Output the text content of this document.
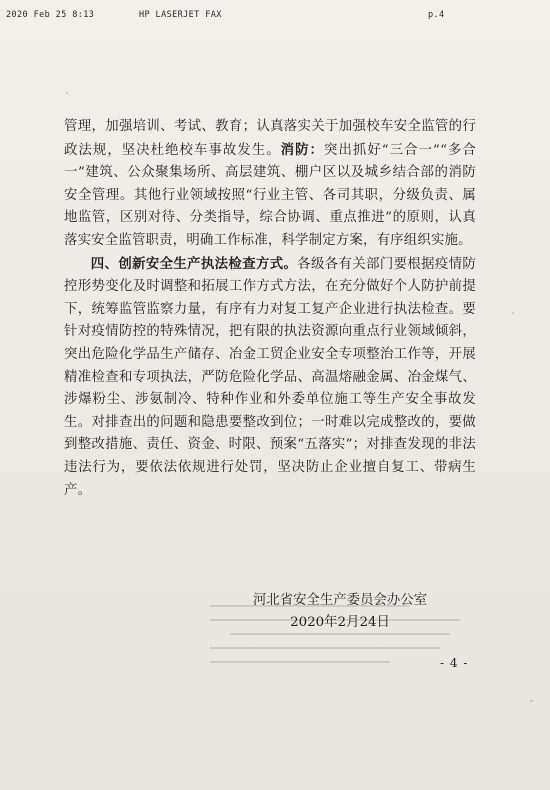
2020 Feb 25 8:13	HP LASERJET FAX	p.4

管理，加强培训、考试、教育；认真落实关于加强校车安全监管的行政法规，坚决杜绝校车事故发生。消防：突出抓好“三合一”“多合一”建筑、公众聚集场所、高层建筑、棚户区以及城乡结合部的消防安全管理。其他行业领域按照“行业主管、各司其职，分级负责、属地监管，区别对待、分类指导，综合协调、重点推进”的原则，认真落实安全监管职责，明确工作标准，科学制定方案，有序组织实施。

四、创新安全生产执法检查方式。各级各有关部门要根据疫情防控形势变化及时调整和拓展工作方式方法，在充分做好个人防护前提下，统筹监管监察力量，有序有力对复工复产企业进行执法检查。要针对疫情防控的特殊情况，把有限的执法资源向重点行业领域倾斜，突出危险化学品生产储存、冶金工贸企业安全专项整治工作等，开展精准检查和专项执法，严防危险化学品、高温熔融金属、冶金煤气、涉爆粉尘、涉氨制冷、特种作业和外委单位施工等生产安全事故发生。对排查出的问题和隐患要整改到位；一时难以完成整改的，要做到整改措施、责任、资金、时限、预案“五落实”；对排查发现的非法违法行为，要依法依规进行处罚，坚决防止企业擅自复工、带病生产。

河北省安全生产委员会办公室
2020年2月24日
- 4 -
